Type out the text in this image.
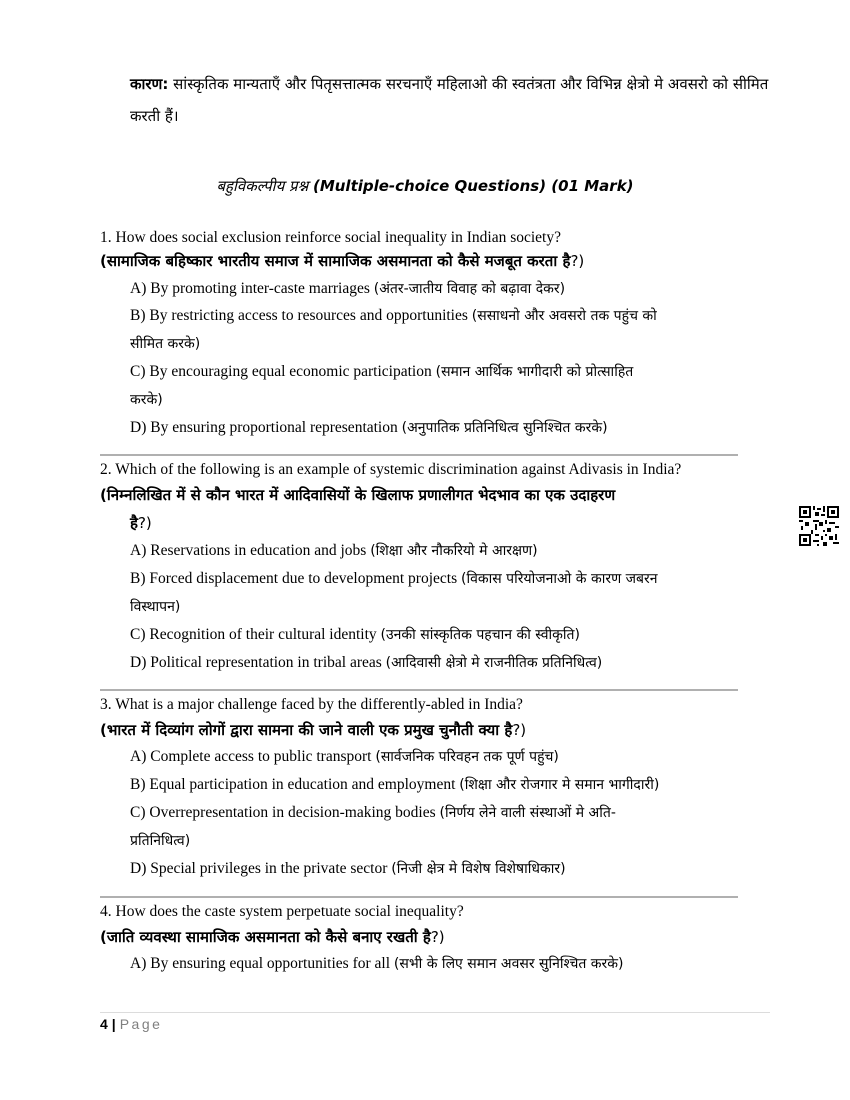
कारण: सांस्कृतिक मान्यताएँ और पितृसत्तात्मक सरचनाएँ महिलाओ की स्वतंत्रता और विभिन्न क्षेत्रो मे अवसरो को सीमित करती हैं।
बहुविकल्पीय प्रश्न (Multiple-choice Questions) (01 Mark)
1. How does social exclusion reinforce social inequality in Indian society?
(सामाजिक बहिष्कार भारतीय समाज में सामाजिक असमानता को कैसे मजबूत करता है?)
A) By promoting inter-caste marriages (अंतर-जातीय विवाह को बढ़ावा देकर)
B) By restricting access to resources and opportunities (ससाधनो और अवसरो तक पहुंच को
सीमित करके)
C) By encouraging equal economic participation (समान आर्थिक भागीदारी को प्रोत्साहित
करके)
D) By ensuring proportional representation (अनुपातिक प्रतिनिधित्व सुनिश्चित करके)
2. Which of the following is an example of systemic discrimination against Adivasis in India?
(निम्नलिखित में से कौन भारत में आदिवासियों के खिलाफ प्रणालीगत भेदभाव का एक उदाहरण
है?)
A) Reservations in education and jobs (शिक्षा और नौकरियो मे आरक्षण)
B) Forced displacement due to development projects (विकास परियोजनाओ के कारण जबरन
विस्थापन)
C) Recognition of their cultural identity (उनकी सांस्कृतिक पहचान की स्वीकृति)
D) Political representation in tribal areas (आदिवासी क्षेत्रो मे राजनीतिक प्रतिनिधित्व)
3. What is a major challenge faced by the differently-abled in India?
(भारत में दिव्यांग लोगों द्वारा सामना की जाने वाली एक प्रमुख चुनौती क्या है?)
A) Complete access to public transport (सार्वजनिक परिवहन तक पूर्ण पहुंच)
B) Equal participation in education and employment (शिक्षा और रोजगार मे समान भागीदारी)
C) Overrepresentation in decision-making bodies (निर्णय लेने वाली संस्थाओं मे अति-
प्रतिनिधित्व)
D) Special privileges in the private sector (निजी क्षेत्र मे विशेष विशेषाधिकार)
4. How does the caste system perpetuate social inequality?
(जाति व्यवस्था सामाजिक असमानता को कैसे बनाए रखती है?)
A) By ensuring equal opportunities for all (सभी के लिए समान अवसर सुनिश्चित करके)
4 | Page
